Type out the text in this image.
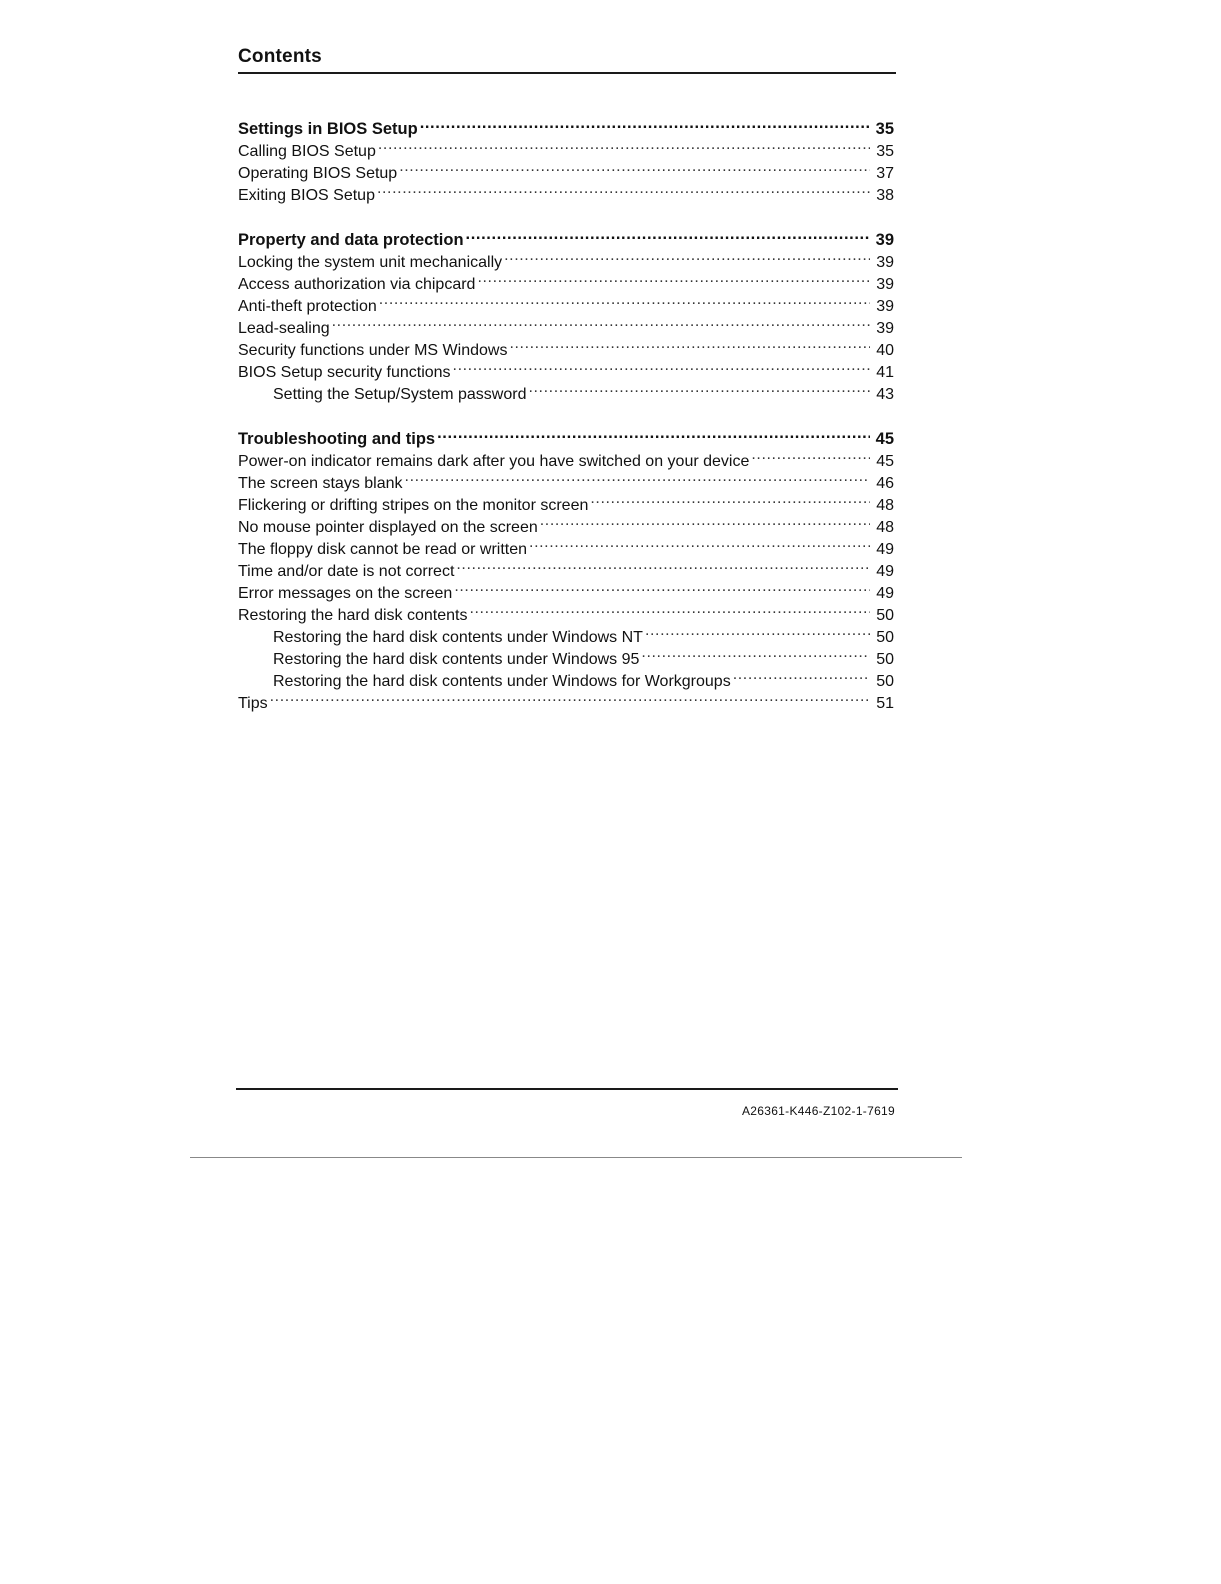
Contents
Settings in BIOS Setup .....	35
Calling BIOS Setup .....	35
Operating BIOS Setup .....	37
Exiting BIOS Setup .....	38
Property and data protection .....	39
Locking the system unit mechanically .....	39
Access authorization via chipcard .....	39
Anti-theft protection .....	39
Lead-sealing .....	39
Security functions under MS Windows .....	40
BIOS Setup security functions .....	41
Setting the Setup/System password .....	43
Troubleshooting and tips .....	45
Power-on indicator remains dark after you have switched on your device .....	45
The screen stays blank .....	46
Flickering or drifting stripes on the monitor screen .....	48
No mouse pointer displayed on the screen .....	48
The floppy disk cannot be read or written .....	49
Time and/or date is not correct .....	49
Error messages on the screen .....	49
Restoring the hard disk contents .....	50
Restoring the hard disk contents under Windows NT .....	50
Restoring the hard disk contents under Windows 95 .....	50
Restoring the hard disk contents under Windows for Workgroups .....	50
Tips .....	51
A26361-K446-Z102-1-7619
